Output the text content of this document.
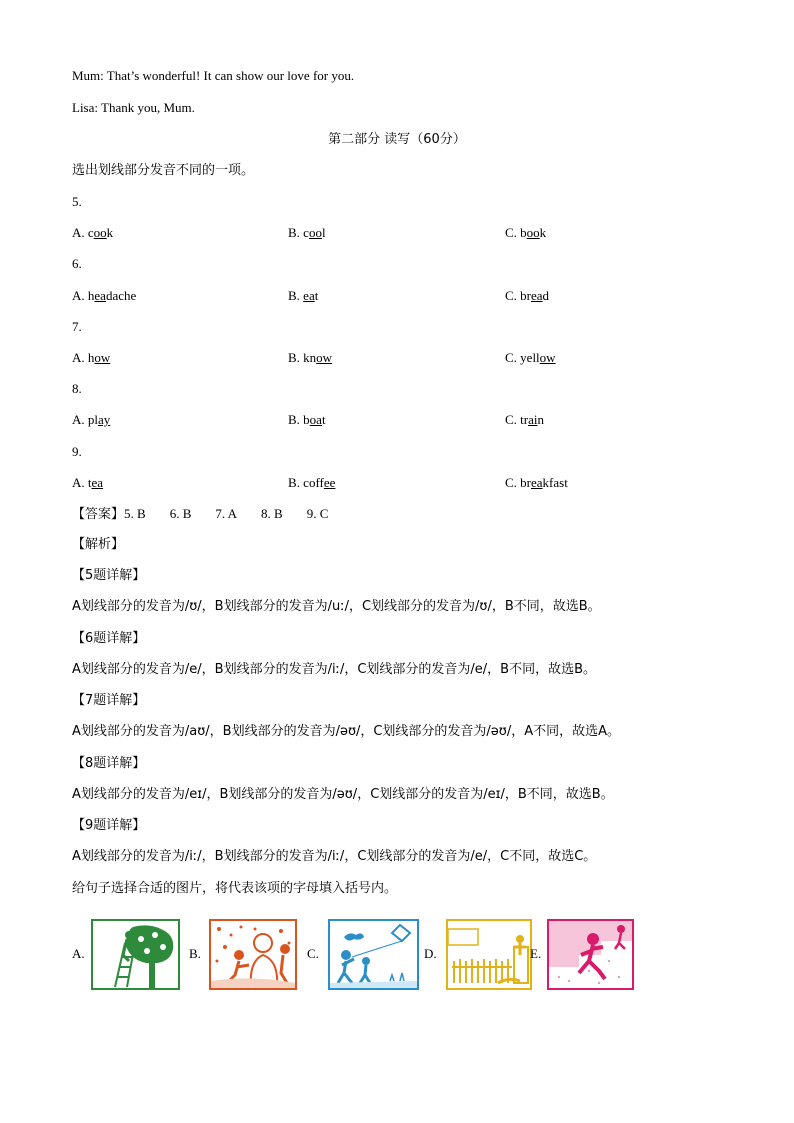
Mum: That’s wonderful! It can show our love for you.
Lisa: Thank you, Mum.
第二部分 读写（60分）
选出划线部分发音不同的一项。
5.
A. cook	B. cool	C. book
6.
A. headache	B. eat	C. bread
7.
A. how	B. know	C. yellow
8.
A. play	B. boat	C. train
9.
A. tea	B. coffee	C. breakfast
【答案】5. B 6. B 7. A 8. B 9. C
【解析】
【5题详解】
A划线部分的发音为/ʊ/，B划线部分的发音为/uː/，C划线部分的发音为/ʊ/，B不同，故选B。
【6题详解】
A划线部分的发音为/e/，B划线部分的发音为/iː/，C划线部分的发音为/e/，B不同，故选B。
【7题详解】
A划线部分的发音为/aʊ/，B划线部分的发音为/əʊ/，C划线部分的发音为/əʊ/，A不同，故选A。
【8题详解】
A划线部分的发音为/eɪ/，B划线部分的发音为/əʊ/，C划线部分的发音为/eɪ/，B不同，故选B。
【9题详解】
A划线部分的发音为/iː/，B划线部分的发音为/iː/，C划线部分的发音为/e/，C不同，故选C。
给句子选择合适的图片，将代表该项的字母填入括号内。
A.	B.	C.	D.	E.
